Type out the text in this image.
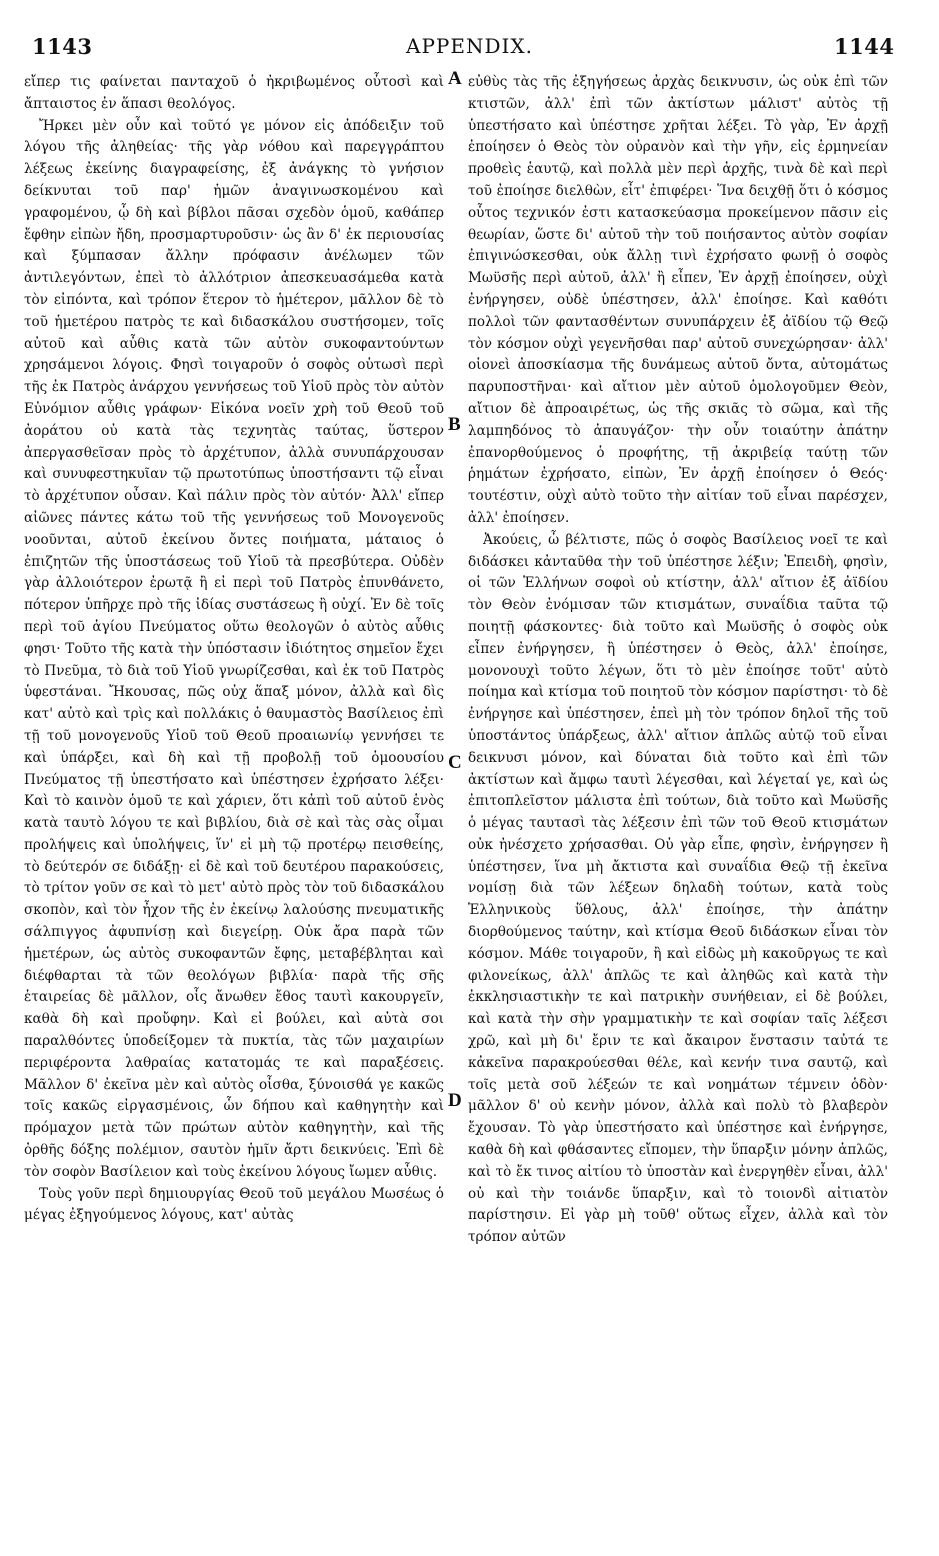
1143	APPENDIX.	1144

εἴπερ τις φαίνεται πανταχοῦ ὁ ἠκριβωμένος οὗτοσὶ καὶ ἄπταιστος ἐν ἅπασι θεολόγος.

Ἤρκει μὲν οὖν καὶ τοῦτό γε μόνον εἰς ἀπόδειξιν τοῦ λόγου τῆς ἀληθείας· τῆς γὰρ νόθου καὶ παρεγγράπτου λέξεως ἐκείνης διαγραφείσης, ἐξ ἀνάγκης τὸ γνήσιον δείκνυται τοῦ παρ' ἡμῶν ἀναγινωσκομένου καὶ γραφομένου, ᾧ δὴ καὶ βίβλοι πᾶσαι σχεδὸν ὁμοῦ, καθάπερ ἔφθην εἰπὼν ἤδη, προσμαρτυροῦσιν· ὡς ἂν δ' ἐκ περιουσίας καὶ ξύμπασαν ἄλλην πρόφασιν ἀνέλωμεν τῶν ἀντιλεγόντων, ἐπεὶ τὸ ἀλλότριον ἀπεσκευασάμεθα κατὰ τὸν εἰπόντα, καὶ τρόπον ἕτερον τὸ ἡμέτερον, μᾶλλον δὲ τὸ τοῦ ἡμετέρου πατρὸς τε καὶ διδασκάλου συστήσομεν, τοῖς αὐτοῦ καὶ αὖθις κατὰ τῶν αὐτὸν συκοφαντούντων χρησάμενοι λόγοις. Φησὶ τοιγαροῦν ὁ σοφὸς οὑτωσὶ περὶ τῆς ἐκ Πατρὸς ἀνάρχου γεννήσεως τοῦ Υἱοῦ πρὸς τὸν αὐτὸν Εὐνόμιον αὖθις γράφων· Εἰκόνα νοεῖν χρὴ τοῦ Θεοῦ τοῦ ἀοράτου οὐ κατὰ τὰς τεχνητὰς ταύτας, ὕστερον ἀπεργασθεῖσαν πρὸς τὸ ἀρχέτυπον, ἀλλὰ συνυπάρχουσαν καὶ συνυφεστηκυῖαν τῷ πρωτοτύπως ὑποστήσαντι τῷ εἶναι τὸ ἀρχέτυπον οὖσαν. Καὶ πάλιν πρὸς τὸν αὐτόν· Ἀλλ' εἴπερ αἰῶνες πάντες κάτω τοῦ τῆς γεννήσεως τοῦ Μονογενοῦς νοοῦνται, αὐτοῦ ἐκείνου ὄντες ποιήματα, μάταιος ὁ ἐπιζητῶν τῆς ὑποστάσεως τοῦ Υἱοῦ τὰ πρεσβύτερα. Οὐδὲν γὰρ ἀλλοιότερον ἐρωτᾷ ἢ εἰ περὶ τοῦ Πατρὸς ἐπυνθάνετο, πότερον ὑπῆρχε πρὸ τῆς ἰδίας συστάσεως ἢ οὐχί. Ἐν δὲ τοῖς περὶ τοῦ ἁγίου Πνεύματος οὕτω θεολογῶν ὁ αὐτὸς αὖθις φησι· Τοῦτο τῆς κατὰ τὴν ὑπόστασιν ἰδιότητος σημεῖον ἔχει τὸ Πνεῦμα, τὸ διὰ τοῦ Υἱοῦ γνωρίζεσθαι, καὶ ἐκ τοῦ Πατρὸς ὑφεστάναι. Ἤκουσας, πῶς οὐχ ἅπαξ μόνον, ἀλλὰ καὶ δὶς κατ' αὐτὸ καὶ τρὶς καὶ πολλάκις ὁ θαυμαστὸς Βασίλειος ἐπὶ τῇ τοῦ μονογενοῦς Υἱοῦ τοῦ Θεοῦ προαιωνίῳ γεννήσει τε καὶ ὑπάρξει, καὶ δὴ καὶ τῇ προβολῇ τοῦ ὁμοουσίου Πνεύματος τῇ ὑπεστήσατο καὶ ὑπέστησεν ἐχρήσατο λέξει· Καὶ τὸ καινὸν ὁμοῦ τε καὶ χάριεν, ὅτι κἀπὶ τοῦ αὐτοῦ ἑνὸς κατὰ ταυτὸ λόγου τε καὶ βιβλίου, διὰ σὲ καὶ τὰς σὰς οἶμαι προλήψεις καὶ ὑπολήψεις, ἵν' εἰ μὴ τῷ προτέρῳ πεισθείης, τὸ δεύτερόν σε διδάξῃ· εἰ δὲ καὶ τοῦ δευτέρου παρακούσεις, τὸ τρίτον γοῦν σε καὶ τὸ μετ' αὐτὸ πρὸς τὸν τοῦ διδασκάλου σκοπὸν, καὶ τὸν ἦχον τῆς ἐν ἐκείνῳ λαλούσης πνευματικῆς σάλπιγγος ἀφυπνίσῃ καὶ διεγείρῃ. Οὐκ ἄρα παρὰ τῶν ἡμετέρων, ὡς αὐτὸς συκοφαντῶν ἔφης, μεταβέβληται καὶ διέφθαρται τὰ τῶν θεολόγων βιβλία· παρὰ τῆς σῆς ἑταιρείας δὲ μᾶλλον, οἷς ἄνωθεν ἔθος ταυτὶ κακουργεῖν, καθὰ δὴ καὶ προὔφην. Καὶ εἰ βούλει, καὶ αὐτὰ σοι παραλθόντες ὑποδείξομεν τὰ πυκτία, τὰς τῶν μαχαιρίων περιφέροντα λαθραίας κατατομάς τε καὶ παραξέσεις. Μᾶλλον δ' ἐκεῖνα μὲν καὶ αὐτὸς οἶσθα, ξύνοισθά γε κακῶς τοῖς κακῶς εἰργασμένοις, ὧν δήπου καὶ καθηγητὴν καὶ πρόμαχον μετὰ τῶν πρώτων αὐτὸν καθηγητὴν, καὶ τῆς ὀρθῆς δόξης πολέμιον, σαυτὸν ἡμῖν ἄρτι δεικνύεις. Ἐπὶ δὲ τὸν σοφὸν Βασίλειον καὶ τοὺς ἐκείνου λόγους ἴωμεν αὖθις.

Τοὺς γοῦν περὶ δημιουργίας Θεοῦ τοῦ μεγάλου Μωσέως ὁ μέγας ἐξηγούμενος λόγους, κατ' αὐτὰς

εὐθὺς τὰς τῆς ἐξηγήσεως ἀρχὰς δεικνυσιν, ὡς οὐκ ἐπὶ τῶν κτιστῶν, ἀλλ' ἐπὶ τῶν ἀκτίστων μάλιστ' αὐτὸς τῇ ὑπεστήσατο καὶ ὑπέστησε χρῆται λέξει. Τὸ γὰρ, Ἐν ἀρχῇ ἐποίησεν ὁ Θεὸς τὸν οὐρανὸν καὶ τὴν γῆν, εἰς ἑρμηνείαν προθεὶς ἑαυτῷ, καὶ πολλὰ μὲν περὶ ἀρχῆς, τινὰ δὲ καὶ περὶ τοῦ ἐποίησε διελθὼν, εἶτ' ἐπιφέρει· Ἵνα δειχθῇ ὅτι ὁ κόσμος οὗτος τεχνικόν ἐστι κατασκεύασμα προκείμενον πᾶσιν εἰς θεωρίαν, ὥστε δι' αὐτοῦ τὴν τοῦ ποιήσαντος αὐτὸν σοφίαν ἐπιγινώσκεσθαι, οὐκ ἄλλῃ τινὶ ἐχρήσατο φωνῇ ὁ σοφὸς Μωϋσῆς περὶ αὐτοῦ, ἀλλ' ἢ εἶπεν, Ἐν ἀρχῇ ἐποίησεν, οὐχὶ ἐνήργησεν, οὐδὲ ὑπέστησεν, ἀλλ' ἐποίησε. Καὶ καθότι πολλοὶ τῶν φαντασθέντων συνυπάρχειν ἐξ ἀϊδίου τῷ Θεῷ τὸν κόσμον οὐχὶ γεγενῆσθαι παρ' αὐτοῦ συνεχώρησαν· ἀλλ' οἱονεὶ ἀποσκίασμα τῆς δυνάμεως αὐτοῦ ὄντα, αὐτομάτως παρυποστῆναι· καὶ αἴτιον μὲν αὐτοῦ ὁμολογοῦμεν Θεὸν, αἴτιον δὲ ἀπροαιρέτως, ὡς τῆς σκιᾶς τὸ σῶμα, καὶ τῆς λαμπηδόνος τὸ ἀπαυγάζον· τὴν οὖν τοιαύτην ἀπάτην ἐπανορθούμενος ὁ προφήτης, τῇ ἀκριβείᾳ ταύτῃ τῶν ῥημάτων ἐχρήσατο, εἰπὼν, Ἐν ἀρχῇ ἐποίησεν ὁ Θεός· τουτέστιν, οὐχὶ αὐτὸ τοῦτο τὴν αἰτίαν τοῦ εἶναι παρέσχεν, ἀλλ' ἐποίησεν.

Ἀκούεις, ὦ βέλτιστε, πῶς ὁ σοφὸς Βασίλειος νοεῖ τε καὶ διδάσκει κἀνταῦθα τὴν τοῦ ὑπέστησε λέξιν; Ἐπειδὴ, φησὶν, οἱ τῶν Ἑλλήνων σοφοὶ οὐ κτίστην, ἀλλ' αἴτιον ἐξ ἀϊδίου τὸν Θεὸν ἐνόμισαν τῶν κτισμάτων, συναΐδια ταῦτα τῷ ποιητῇ φάσκοντες· διὰ τοῦτο καὶ Μωϋσῆς ὁ σοφὸς οὐκ εἶπεν ἐνήργησεν, ἢ ὑπέστησεν ὁ Θεὸς, ἀλλ' ἐποίησε, μονονουχὶ τοῦτο λέγων, ὅτι τὸ μὲν ἐποίησε τοῦτ' αὐτὸ ποίημα καὶ κτίσμα τοῦ ποιητοῦ τὸν κόσμον παρίστησι· τὸ δὲ ἐνήργησε καὶ ὑπέστησεν, ἐπεὶ μὴ τὸν τρόπον δηλοῖ τῆς τοῦ ὑποστάντος ὑπάρξεως, ἀλλ' αἴτιον ἁπλῶς αὐτῷ τοῦ εἶναι δεικνυσι μόνον, καὶ δύναται διὰ τοῦτο καὶ ἐπὶ τῶν ἀκτίστων καὶ ἄμφω ταυτὶ λέγεσθαι, καὶ λέγεταί γε, καὶ ὡς ἐπιτοπλεῖστον μάλιστα ἐπὶ τούτων, διὰ τοῦτο καὶ Μωϋσῆς ὁ μέγας ταυτασὶ τὰς λέξεσιν ἐπὶ τῶν τοῦ Θεοῦ κτισμάτων οὐκ ἠνέσχετο χρήσασθαι. Οὐ γὰρ εἶπε, φησὶν, ἐνήργησεν ἢ ὑπέστησεν, ἵνα μὴ ἄκτιστα καὶ συναΐδια Θεῷ τῇ ἐκεῖνα νομίσῃ διὰ τῶν λέξεων δηλαδὴ τούτων, κατὰ τοὺς Ἑλληνικοὺς ὕθλους, ἀλλ' ἐποίησε, τὴν ἀπάτην διορθούμενος ταύτην, καὶ κτίσμα Θεοῦ διδάσκων εἶναι τὸν κόσμον. Μάθε τοιγαροῦν, ἢ καὶ εἰδὼς μὴ κακοῦργως τε καὶ φιλονείκως, ἀλλ' ἁπλῶς τε καὶ ἀληθῶς καὶ κατὰ τὴν ἐκκλησιαστικὴν τε καὶ πατρικὴν συνήθειαν, εἰ δὲ βούλει, καὶ κατὰ τὴν σὴν γραμματικὴν τε καὶ σοφίαν ταῖς λέξεσι χρῶ, καὶ μὴ δι' ἔριν τε καὶ ἄκαιρον ἔνστασιν ταὐτά τε κἀκεῖνα παρακρούεσθαι θέλε, καὶ κενήν τινα σαυτῷ, καὶ τοῖς μετὰ σοῦ λέξεών τε καὶ νοημάτων τέμνειν ὁδὸν· μᾶλλον δ' οὐ κενὴν μόνον, ἀλλὰ καὶ πολὺ τὸ βλαβερὸν ἔχουσαν. Τὸ γὰρ ὑπεστήσατο καὶ ὑπέστησε καὶ ἐνήργησε, καθὰ δὴ καὶ φθάσαντες εἴπομεν, τὴν ὕπαρξιν μόνην ἁπλῶς, καὶ τὸ ἔκ τινος αἰτίου τὸ ὑποστὰν καὶ ἐνεργηθὲν εἶναι, ἀλλ' οὐ καὶ τὴν τοιάνδε ὕπαρξιν, καὶ τὸ τοιονδὶ αἰτιατὸν παρίστησιν. Εἰ γὰρ μὴ τοῦθ' οὕτως εἶχεν, ἀλλὰ καὶ τὸν τρόπον αὐτῶν

A
B
C
D
